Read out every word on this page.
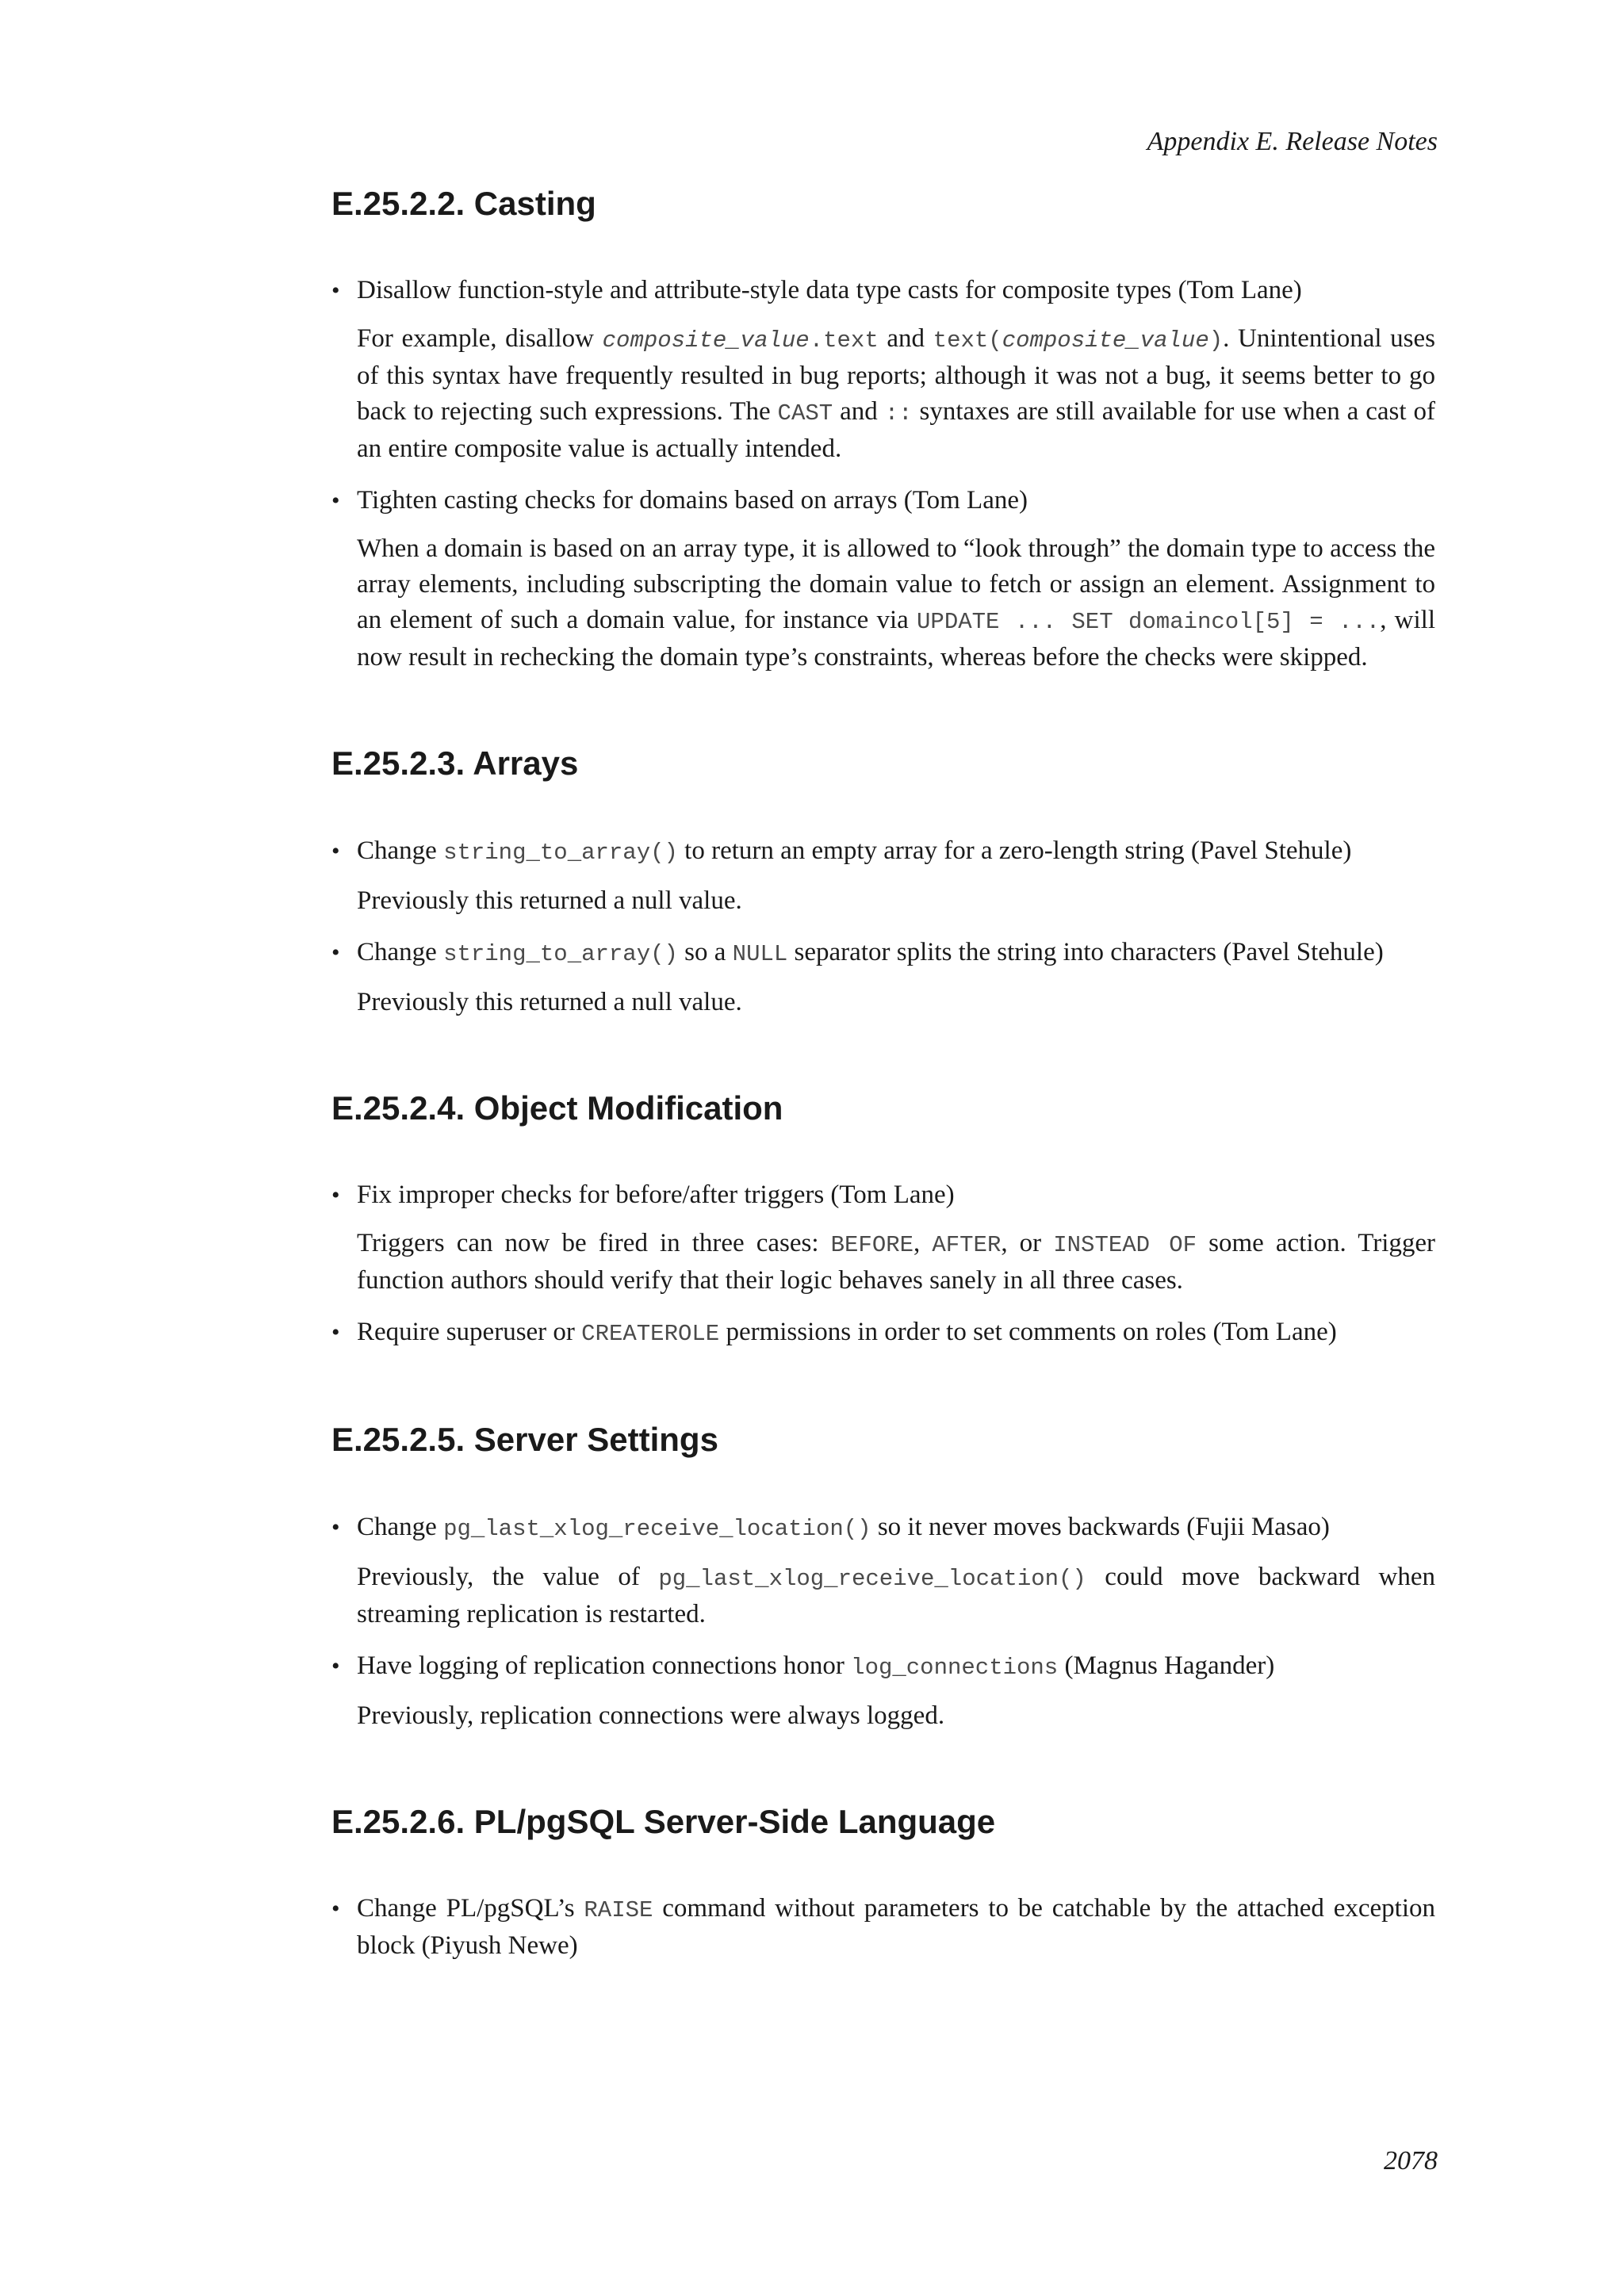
Appendix E. Release Notes
E.25.2.2. Casting
• Disallow function-style and attribute-style data type casts for composite types (Tom Lane)
For example, disallow composite_value.text and text(composite_value). Unintentional uses of this syntax have frequently resulted in bug reports; although it was not a bug, it seems better to go back to rejecting such expressions. The CAST and :: syntaxes are still available for use when a cast of an entire composite value is actually intended.
• Tighten casting checks for domains based on arrays (Tom Lane)
When a domain is based on an array type, it is allowed to “look through” the domain type to access the array elements, including subscripting the domain value to fetch or assign an element. Assignment to an element of such a domain value, for instance via UPDATE ... SET domaincol[5] = ..., will now result in rechecking the domain type’s constraints, whereas before the checks were skipped.
E.25.2.3. Arrays
• Change string_to_array() to return an empty array for a zero-length string (Pavel Stehule)
Previously this returned a null value.
• Change string_to_array() so a NULL separator splits the string into characters (Pavel Stehule)
Previously this returned a null value.
E.25.2.4. Object Modification
• Fix improper checks for before/after triggers (Tom Lane)
Triggers can now be fired in three cases: BEFORE, AFTER, or INSTEAD OF some action. Trigger function authors should verify that their logic behaves sanely in all three cases.
• Require superuser or CREATEROLE permissions in order to set comments on roles (Tom Lane)
E.25.2.5. Server Settings
• Change pg_last_xlog_receive_location() so it never moves backwards (Fujii Masao)
Previously, the value of pg_last_xlog_receive_location() could move backward when streaming replication is restarted.
• Have logging of replication connections honor log_connections (Magnus Hagander)
Previously, replication connections were always logged.
E.25.2.6. PL/pgSQL Server-Side Language
• Change PL/pgSQL’s RAISE command without parameters to be catchable by the attached exception block (Piyush Newe)
2078
